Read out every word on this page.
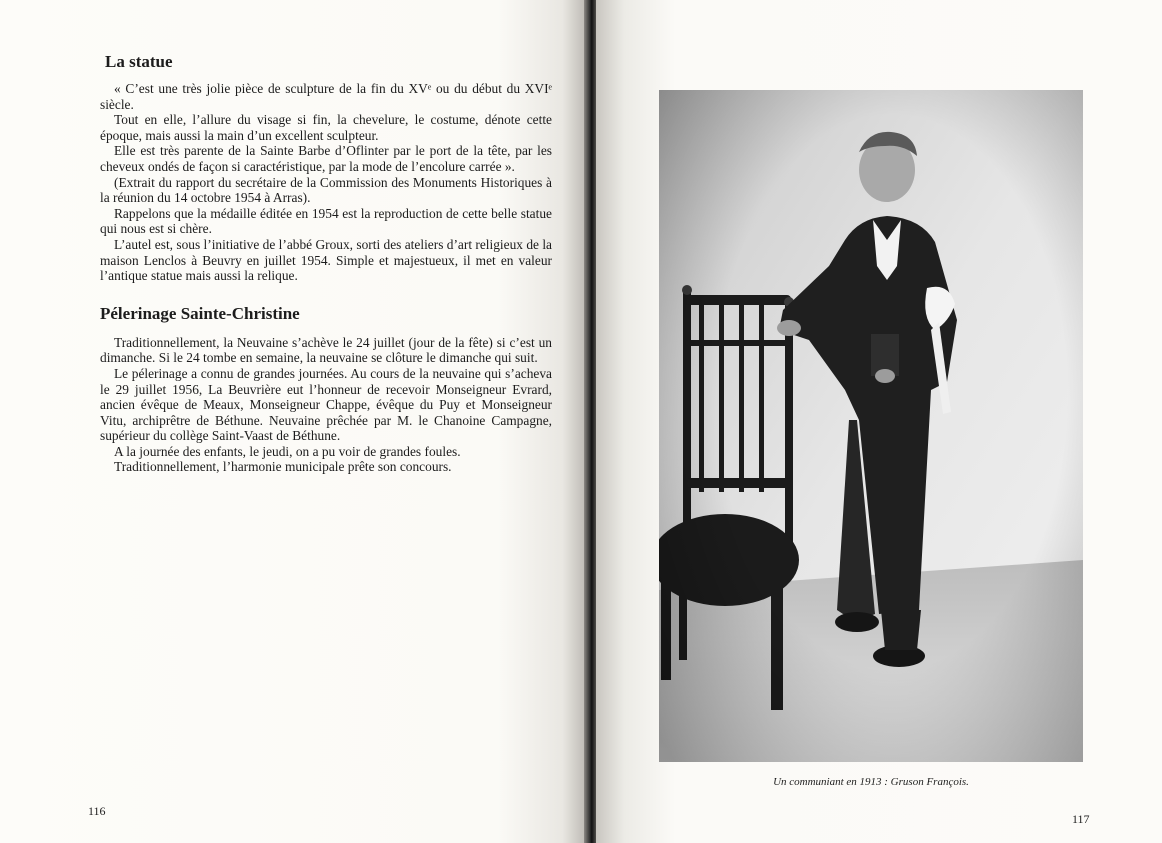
La statue

« C’est une très jolie pièce de sculpture de la fin du XVᵉ ou du début du XVIᵉ siècle.

Tout en elle, l’allure du visage si fin, la chevelure, le costume, dénote cette époque, mais aussi la main d’un excellent sculpteur.

Elle est très parente de la Sainte Barbe d’Oflinter par le port de la tête, par les cheveux ondés de façon si caractéristique, par la mode de l’encolure carrée ».

(Extrait du rapport du secrétaire de la Commission des Monuments Historiques à la réunion du 14 octobre 1954 à Arras).

Rappelons que la médaille éditée en 1954 est la reproduction de cette belle statue qui nous est si chère.

L’autel est, sous l’initiative de l’abbé Groux, sorti des ateliers d’art religieux de la maison Lenclos à Beuvry en juillet 1954. Simple et majestueux, il met en valeur l’antique statue mais aussi la relique.

Pélerinage Sainte-Christine

Traditionnellement, la Neuvaine s’achève le 24 juillet (jour de la fête) si c’est un dimanche. Si le 24 tombe en semaine, la neuvaine se clôture le dimanche qui suit.

Le pélerinage a connu de grandes journées. Au cours de la neuvaine qui s’acheva le 29 juillet 1956, La Beuvrière eut l’honneur de recevoir Monseigneur Evrard, ancien évêque de Meaux, Monseigneur Chappe, évêque du Puy et Monseigneur Vitu, archiprêtre de Béthune. Neuvaine prêchée par M. le Chanoine Campagne, supérieur du collège Saint-Vaast de Béthune.

A la journée des enfants, le jeudi, on a pu voir de grandes foules.

Traditionnellement, l’harmonie municipale prête son concours.

116
Un communiant en 1913 : Gruson François.
117
